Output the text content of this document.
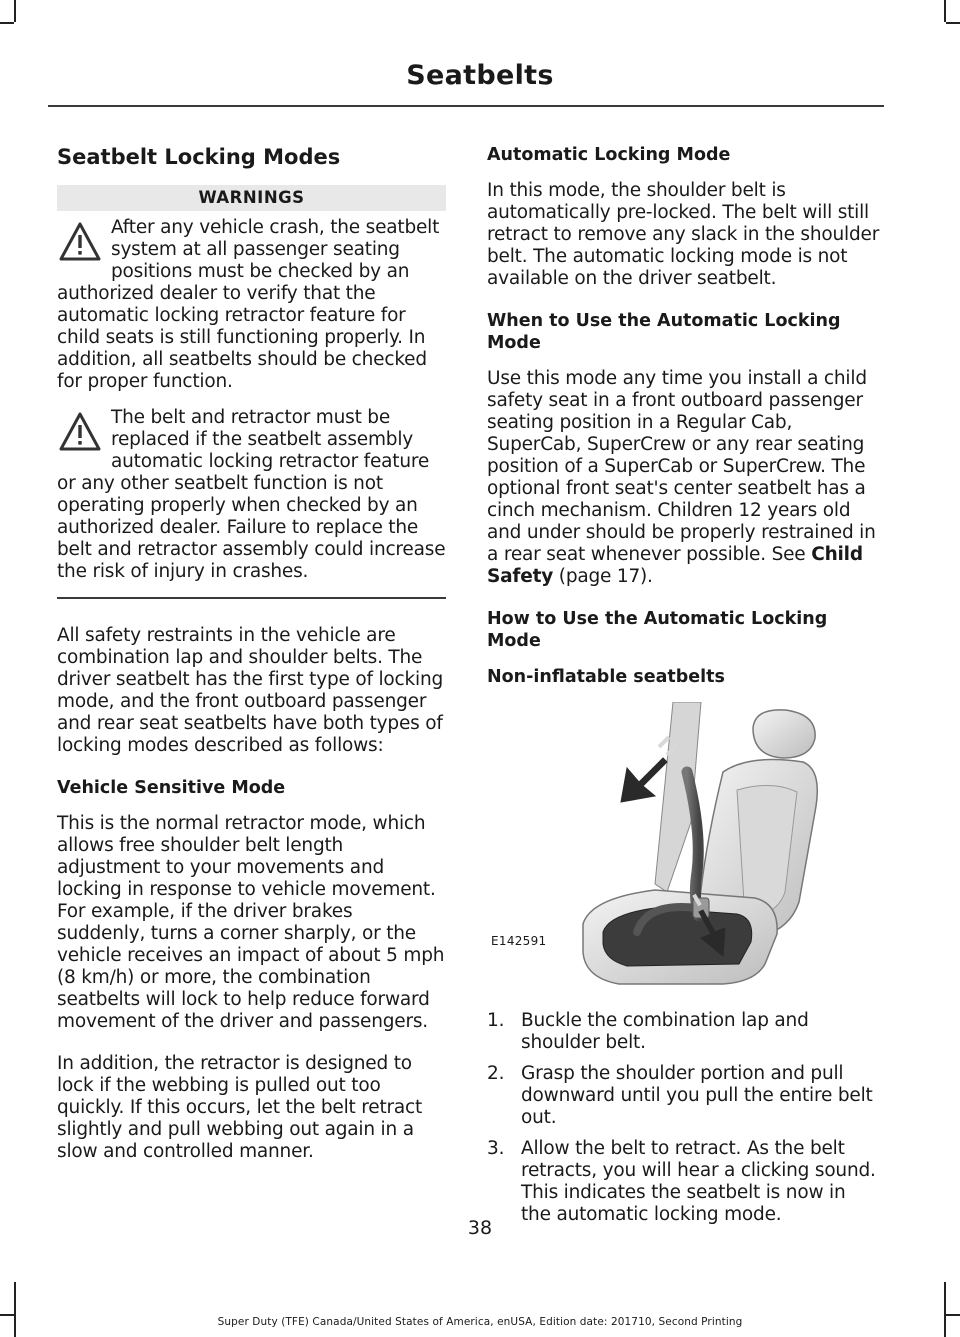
Seatbelts
Seatbelt Locking Modes
WARNINGS
After any vehicle crash, the seatbelt system at all passenger seating positions must be checked by an authorized dealer to verify that the automatic locking retractor feature for child seats is still functioning properly. In addition, all seatbelts should be checked for proper function.
The belt and retractor must be replaced if the seatbelt assembly automatic locking retractor feature or any other seatbelt function is not operating properly when checked by an authorized dealer. Failure to replace the belt and retractor assembly could increase the risk of injury in crashes.

All safety restraints in the vehicle are combination lap and shoulder belts. The driver seatbelt has the first type of locking mode, and the front outboard passenger and rear seat seatbelts have both types of locking modes described as follows:

Vehicle Sensitive Mode

This is the normal retractor mode, which allows free shoulder belt length adjustment to your movements and locking in response to vehicle movement. For example, if the driver brakes suddenly, turns a corner sharply, or the vehicle receives an impact of about 5 mph (8 km/h) or more, the combination seatbelts will lock to help reduce forward movement of the driver and passengers.

In addition, the retractor is designed to lock if the webbing is pulled out too quickly. If this occurs, let the belt retract slightly and pull webbing out again in a slow and controlled manner.

Automatic Locking Mode

In this mode, the shoulder belt is automatically pre-locked. The belt will still retract to remove any slack in the shoulder belt. The automatic locking mode is not available on the driver seatbelt.

When to Use the Automatic Locking Mode

Use this mode any time you install a child safety seat in a front outboard passenger seating position in a Regular Cab, SuperCab, SuperCrew or any rear seating position of a SuperCab or SuperCrew. The optional front seat's center seatbelt has a cinch mechanism. Children 12 years old and under should be properly restrained in a rear seat whenever possible. See Child Safety (page 17).

How to Use the Automatic Locking Mode
Non-inflatable seatbelts
E142591
1. Buckle the combination lap and shoulder belt.
2. Grasp the shoulder portion and pull downward until you pull the entire belt out.
3. Allow the belt to retract. As the belt retracts, you will hear a clicking sound. This indicates the seatbelt is now in the automatic locking mode.
38
Super Duty (TFE) Canada/United States of America, enUSA, Edition date: 201710, Second Printing
